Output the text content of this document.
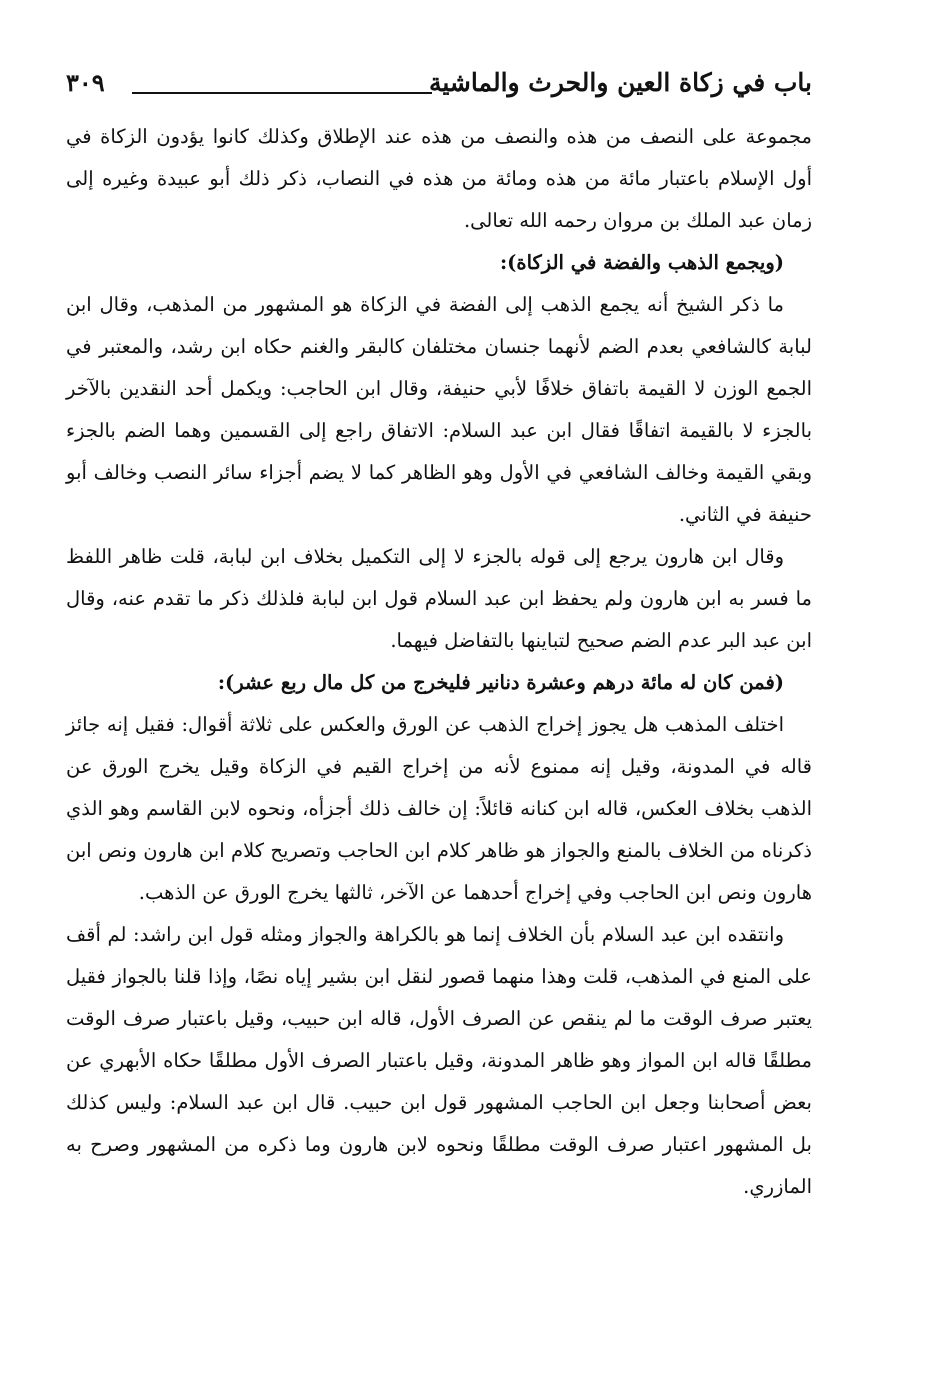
باب في زكاة العين والحرث والماشية
٣٠٩

مجموعة على النصف من هذه والنصف من هذه عند الإطلاق وكذلك كانوا يؤدون الزكاة في أول الإسلام باعتبار مائة من هذه ومائة من هذه في النصاب، ذكر ذلك أبو عبيدة وغيره إلى زمان عبد الملك بن مروان رحمه الله تعالى.

(ويجمع الذهب والفضة في الزكاة):

ما ذكر الشيخ أنه يجمع الذهب إلى الفضة في الزكاة هو المشهور من المذهب، وقال ابن لبابة كالشافعي بعدم الضم لأنهما جنسان مختلفان كالبقر والغنم حكاه ابن رشد، والمعتبر في الجمع الوزن لا القيمة باتفاق خلافًا لأبي حنيفة، وقال ابن الحاجب: ويكمل أحد النقدين بالآخر بالجزء لا بالقيمة اتفاقًا فقال ابن عبد السلام: الاتفاق راجع إلى القسمين وهما الضم بالجزء وبقي القيمة وخالف الشافعي في الأول وهو الظاهر كما لا يضم أجزاء سائر النصب وخالف أبو حنيفة في الثاني.

وقال ابن هارون يرجع إلى قوله بالجزء لا إلى التكميل بخلاف ابن لبابة، قلت ظاهر اللفظ ما فسر به ابن هارون ولم يحفظ ابن عبد السلام قول ابن لبابة فلذلك ذكر ما تقدم عنه، وقال ابن عبد البر عدم الضم صحيح لتباينها بالتفاضل فيهما.

(فمن كان له مائة درهم وعشرة دنانير فليخرج من كل مال ربع عشر):

اختلف المذهب هل يجوز إخراج الذهب عن الورق والعكس على ثلاثة أقوال: فقيل إنه جائز قاله في المدونة، وقيل إنه ممنوع لأنه من إخراج القيم في الزكاة وقيل يخرج الورق عن الذهب بخلاف العكس، قاله ابن كنانه قائلاً: إن خالف ذلك أجزأه، ونحوه لابن القاسم وهو الذي ذكرناه من الخلاف بالمنع والجواز هو ظاهر كلام ابن الحاجب وتصريح كلام ابن هارون ونص ابن هارون ونص ابن الحاجب وفي إخراج أحدهما عن الآخر، ثالثها يخرج الورق عن الذهب.

وانتقده ابن عبد السلام بأن الخلاف إنما هو بالكراهة والجواز ومثله قول ابن راشد: لم أقف على المنع في المذهب، قلت وهذا منهما قصور لنقل ابن بشير إياه نصًا، وإذا قلنا بالجواز فقيل يعتبر صرف الوقت ما لم ينقص عن الصرف الأول، قاله ابن حبيب، وقيل باعتبار صرف الوقت مطلقًا قاله ابن المواز وهو ظاهر المدونة، وقيل باعتبار الصرف الأول مطلقًا حكاه الأبهري عن بعض أصحابنا وجعل ابن الحاجب المشهور قول ابن حبيب. قال ابن عبد السلام: وليس كذلك بل المشهور اعتبار صرف الوقت مطلقًا ونحوه لابن هارون وما ذكره من المشهور وصرح به المازري.
